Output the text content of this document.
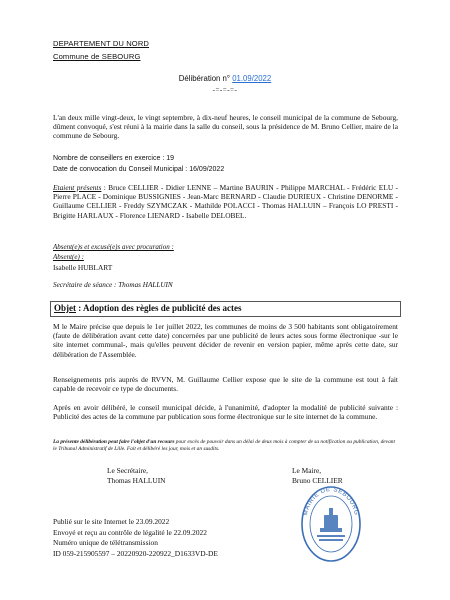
DEPARTEMENT DU NORD
Commune de SEBOURG
Délibération n° 01.09/2022
-=-=-=-
L'an deux mille vingt-deux, le vingt septembre, à dix-neuf heures, le conseil municipal de la commune de Sebourg, dûment convoqué, s'est réuni à la mairie dans la salle du conseil, sous la présidence de M. Bruno Cellier, maire de la commune de Sebourg.
Nombre de conseillers en exercice : 19
Date de convocation du Conseil Municipal : 16/09/2022
Etaient présents : Bruce CELLIER - Didier LENNE – Martine BAURIN - Philippe MARCHAL - Frédéric ELU - Pierre PLACE - Dominique BUSSIGNIES - Jean-Marc BERNARD - Claudie DURIEUX - Christine DENORME - Guillaume CELLIER - Freddy SZYMCZAK - Mathilde POLACCI - Thomas HALLUIN – François LO PRESTI - Brigitte HARLAUX - Florence LIENARD - Isabelle DELOBEL.
Absent(e)s et excusé(e)s avec procuration :
Absent(e) :
Isabelle HUBLART
Secrétaire de séance : Thomas HALLUIN
Objet : Adoption des règles de publicité des actes
M le Maire précise que depuis le 1er juillet 2022, les communes de moins de 3 500 habitants sont obligatoirement (faute de délibération avant cette date) concernées par une publicité de leurs actes sous forme électronique -sur le site internet communal-, mais qu'elles peuvent décider de revenir en version papier, même après cette date, sur délibération de l'Assemblée.
Renseignements pris auprès de RVVN, M. Guillaume Cellier expose que le site de la commune est tout à fait capable de recevoir ce type de documents.
Après en avoir délibéré, le conseil municipal décide, à l'unanimité, d'adopter la modalité de publicité suivante : Publicité des actes de la commune par publication sous forme électronique sur le site internet de la commune.
La présente délibération peut faire l'objet d'un recours pour excès de pouvoir dans un délai de deux mois à compter de sa notification ou publication, devant le Tribunal Administratif de Lille. Fait et délibéré les jour, mois et an susdits.
Le Secrétaire,
Thomas HALLUIN
Le Maire,
Bruno CELLIER
MAIRIE DE SEBOURG
Publié sur le site Internet le 23.09.2022
Envoyé et reçu au contrôle de légalité le 22.09.2022
Numéro unique de télétransmission
ID 059-215905597 – 20220920-220922_D1633VD-DE
